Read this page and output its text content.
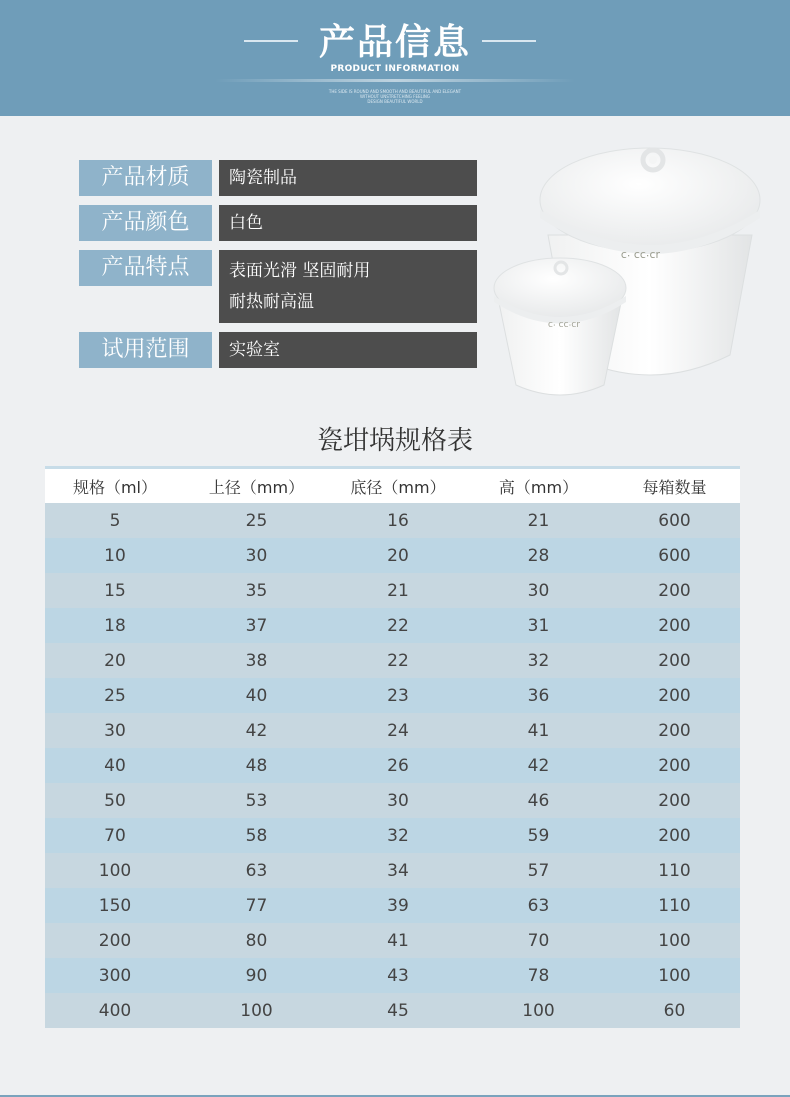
产品信息
PRODUCT INFORMATION
THE SIDE IS ROUND AND SMOOTH AND BEAUTIFUL AND ELEGANT
WITHOUT UNSTRETCHING FEELING
DESIGN BEAUTIFUL WORLD
产品材质	陶瓷制品
产品颜色	白色
产品特点	表面光滑 坚固耐用
耐热耐高温
试用范围	实验室
ɹɔ·ɔɔ ·ɔ
ɹɔ·ɔɔ ·ɔ
瓷坩埚规格表
规格（ml）	上径（mm）	底径（mm）	高（mm）	每箱数量
5	25	16	21	600
10	30	20	28	600
15	35	21	30	200
18	37	22	31	200
20	38	22	32	200
25	40	23	36	200
30	42	24	41	200
40	48	26	42	200
50	53	30	46	200
70	58	32	59	200
100	63	34	57	110
150	77	39	63	110
200	80	41	70	100
300	90	43	78	100
400	100	45	100	60
